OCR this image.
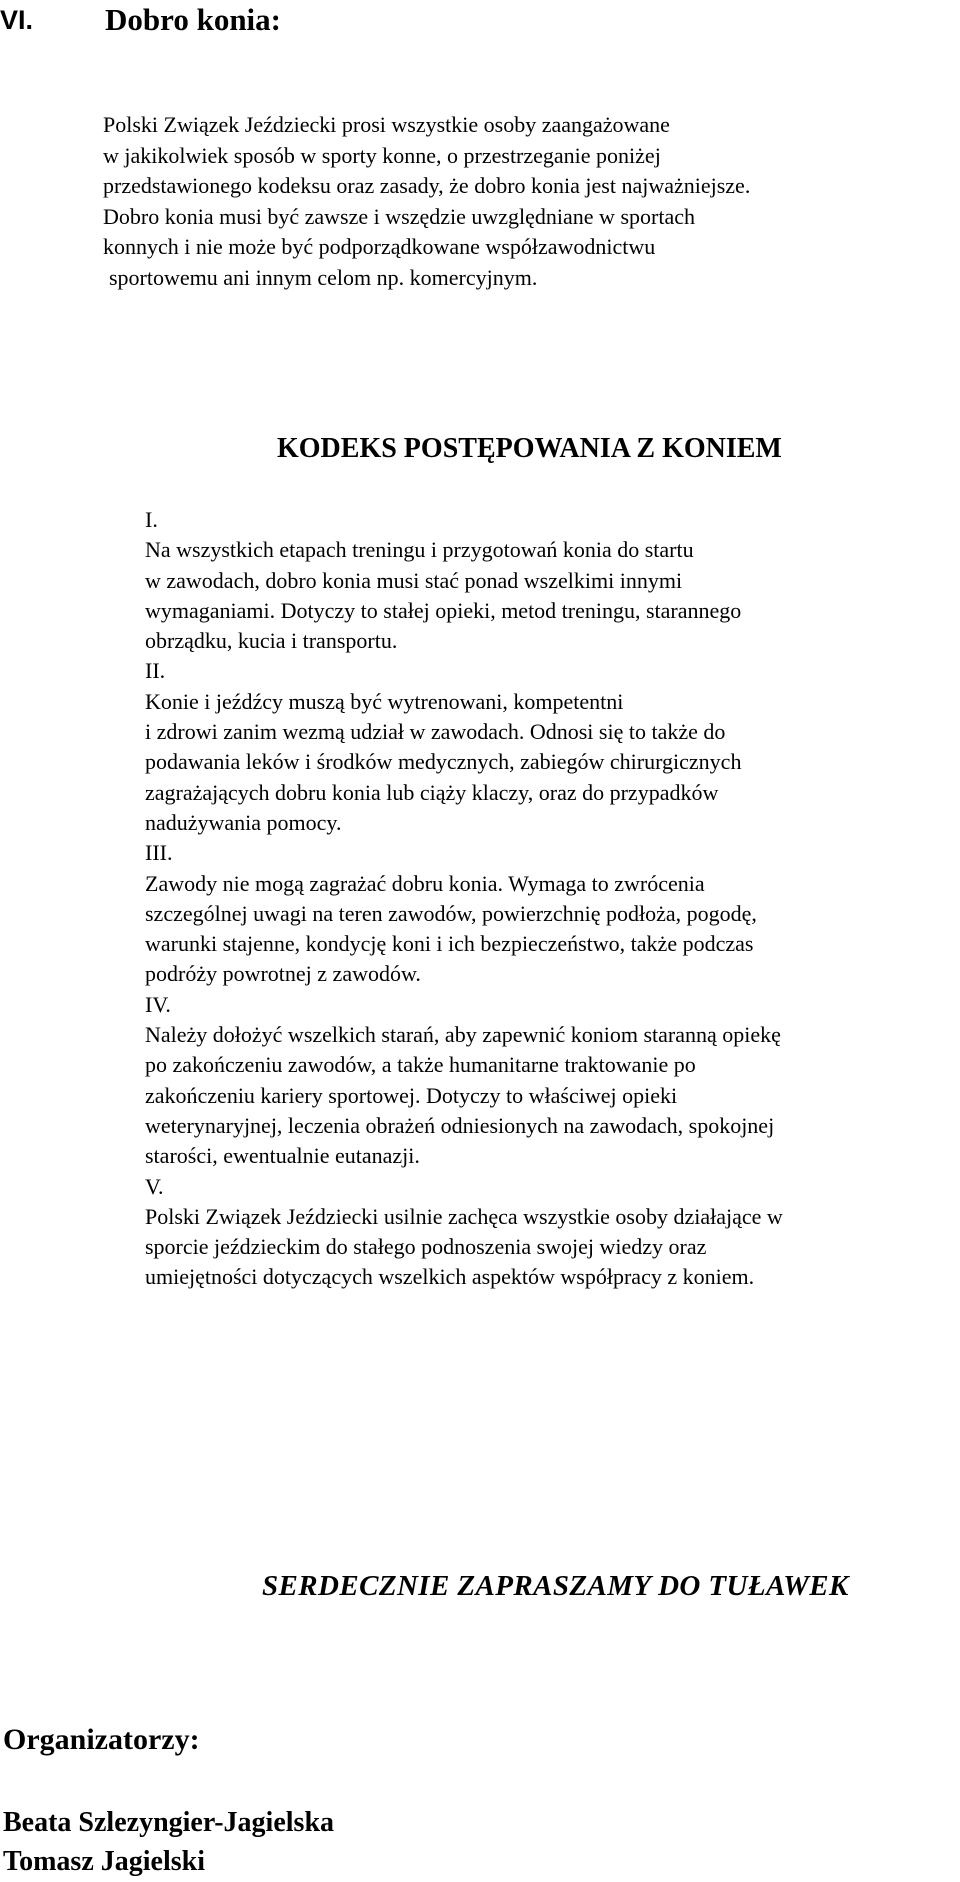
VI. Dobro konia:
Polski Związek Jeździecki prosi wszystkie osoby zaangażowane
w jakikolwiek sposób w sporty konne, o przestrzeganie poniżej
przedstawionego kodeksu oraz zasady, że dobro konia jest najważniejsze.
Dobro konia musi być zawsze i wszędzie uwzględniane w sportach
konnych i nie może być podporządkowane współzawodnictwu
sportowemu ani innym celom np. komercyjnym.
KODEKS POSTĘPOWANIA Z KONIEM
I.
Na wszystkich etapach treningu i przygotowań konia do startu
w zawodach, dobro konia musi stać ponad wszelkimi innymi
wymaganiami. Dotyczy to stałej opieki, metod treningu, starannego
obrządku, kucia i transportu.
II.
Konie i jeźdźcy muszą być wytrenowani, kompetentni
i zdrowi zanim wezmą udział w zawodach. Odnosi się to także do
podawania leków i środków medycznych, zabiegów chirurgicznych
zagrażających dobru konia lub ciąży klaczy, oraz do przypadków
nadużywania pomocy.
III.
Zawody nie mogą zagrażać dobru konia. Wymaga to zwrócenia
szczególnej uwagi na teren zawodów, powierzchnię podłoża, pogodę,
warunki stajenne, kondycję koni i ich bezpieczeństwo, także podczas
podróży powrotnej z zawodów.
IV.
Należy dołożyć wszelkich starań, aby zapewnić koniom staranną opiekę
po zakończeniu zawodów, a także humanitarne traktowanie po
zakończeniu kariery sportowej. Dotyczy to właściwej opieki
weterynaryjnej, leczenia obrażeń odniesionych na zawodach, spokojnej
starości, ewentualnie eutanazji.
V.
Polski Związek Jeździecki usilnie zachęca wszystkie osoby działające w
sporcie jeździeckim do stałego podnoszenia swojej wiedzy oraz
umiejętności dotyczących wszelkich aspektów współpracy z koniem.
SERDECZNIE ZAPRASZAMY DO TUŁAWEK
Organizatorzy:
Beata Szlezyngier-Jagielska
Tomasz Jagielski
